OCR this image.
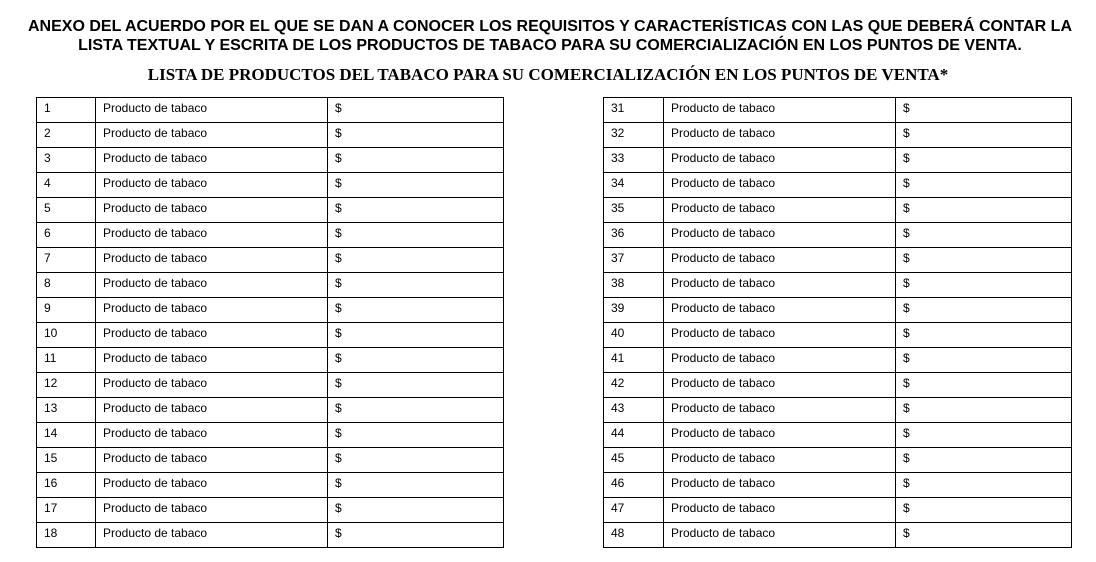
ANEXO DEL ACUERDO POR EL QUE SE DAN A CONOCER LOS REQUISITOS Y CARACTERÍSTICAS CON LAS QUE DEBERÁ CONTAR LA LISTA TEXTUAL Y ESCRITA DE LOS PRODUCTOS DE TABACO PARA SU COMERCIALIZACIÓN EN LOS PUNTOS DE VENTA.

LISTA DE PRODUCTOS DEL TABACO PARA SU COMERCIALIZACIÓN EN LOS PUNTOS DE VENTA*
1	Producto de tabaco	$
2	Producto de tabaco	$
3	Producto de tabaco	$
4	Producto de tabaco	$
5	Producto de tabaco	$
6	Producto de tabaco	$
7	Producto de tabaco	$
8	Producto de tabaco	$
9	Producto de tabaco	$
10	Producto de tabaco	$
11	Producto de tabaco	$
12	Producto de tabaco	$
13	Producto de tabaco	$
14	Producto de tabaco	$
15	Producto de tabaco	$
16	Producto de tabaco	$
17	Producto de tabaco	$
18	Producto de tabaco	$
31	Producto de tabaco	$
32	Producto de tabaco	$
33	Producto de tabaco	$
34	Producto de tabaco	$
35	Producto de tabaco	$
36	Producto de tabaco	$
37	Producto de tabaco	$
38	Producto de tabaco	$
39	Producto de tabaco	$
40	Producto de tabaco	$
41	Producto de tabaco	$
42	Producto de tabaco	$
43	Producto de tabaco	$
44	Producto de tabaco	$
45	Producto de tabaco	$
46	Producto de tabaco	$
47	Producto de tabaco	$
48	Producto de tabaco	$
